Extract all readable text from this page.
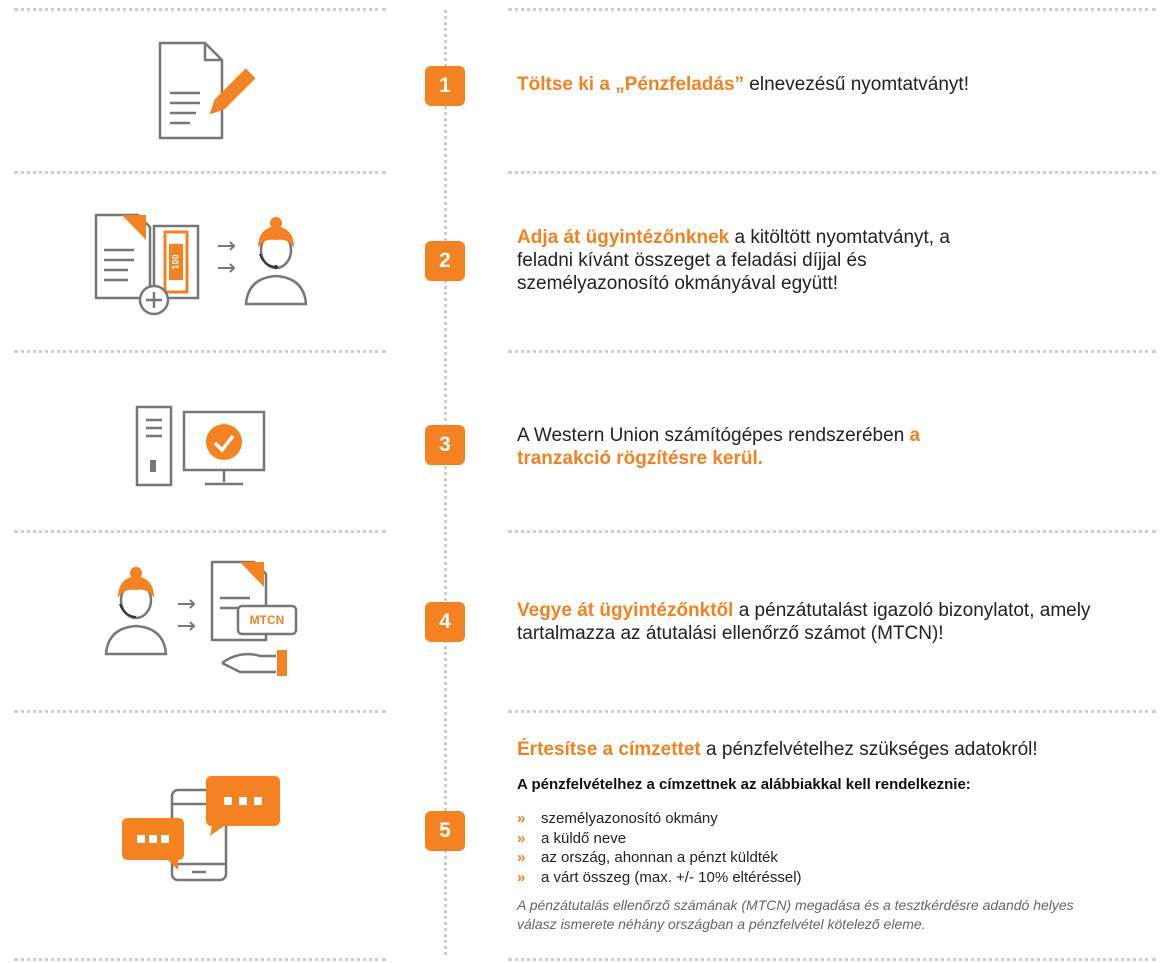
100
MTCN
1
2
3
4
5
Töltse ki a „Pénzfeladás” elnevezésű nyomtatványt!
Adja át ügyintézőnknek a kitöltött nyomtatványt, a feladni kívánt összeget a feladási díjjal és személyazonosító okmányával együtt!
A Western Union számítógépes rendszerében a tranzakció rögzítésre kerül.
Vegye át ügyintézőnktől a pénzátutalást igazoló bizonylatot, amely tartalmazza az átutalási ellenőrző számot (MTCN)!
Értesítse a címzettet a pénzfelvételhez szükséges adatokról!
A pénzfelvételhez a címzettnek az alábbiakkal kell rendelkeznie:
»	személyazonosító okmány
»	a küldő neve
»	az ország, ahonnan a pénzt küldték
»	a várt összeg (max. +/- 10% eltéréssel)
A pénzátutalás ellenőrző számának (MTCN) megadása és a tesztkérdésre adandó helyes válasz ismerete néhány országban a pénzfelvétel kötelező eleme.
